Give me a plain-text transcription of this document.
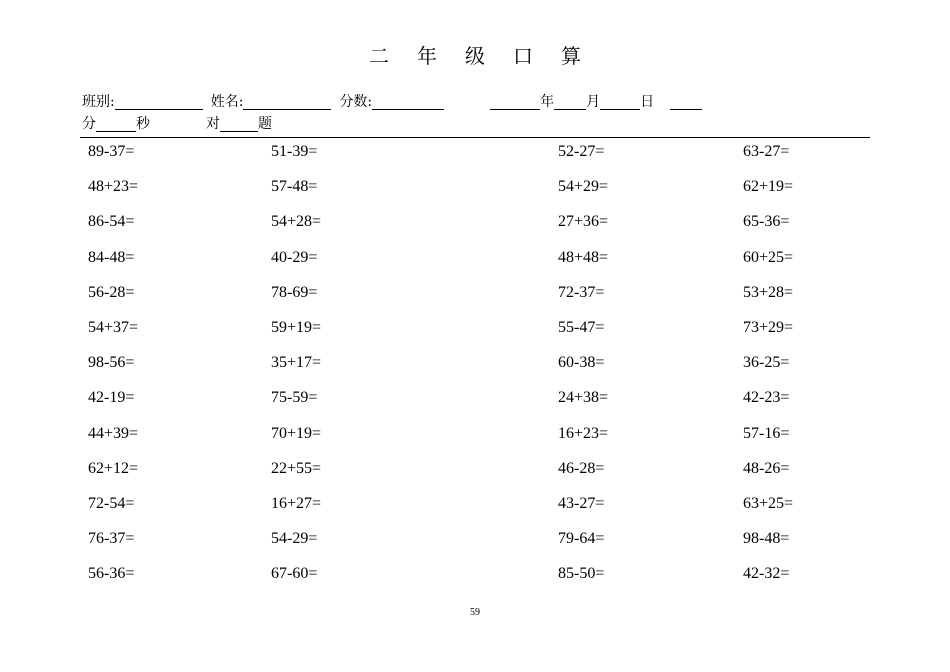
二 年 级 口 算
班别:	姓名:	分数:	年 月	日
分	秒	对	题
89-37=	51-39=	52-27=	63-27=
48+23=	57-48=	54+29=	62+19=
86-54=	54+28=	27+36=	65-36=
84-48=	40-29=	48+48=	60+25=
56-28=	78-69=	72-37=	53+28=
54+37=	59+19=	55-47=	73+29=
98-56=	35+17=	60-38=	36-25=
42-19=	75-59=	24+38=	42-23=
44+39=	70+19=	16+23=	57-16=
62+12=	22+55=	46-28=	48-26=
72-54=	16+27=	43-27=	63+25=
76-37=	54-29=	79-64=	98-48=
56-36=	67-60=	85-50=	42-32=
59
